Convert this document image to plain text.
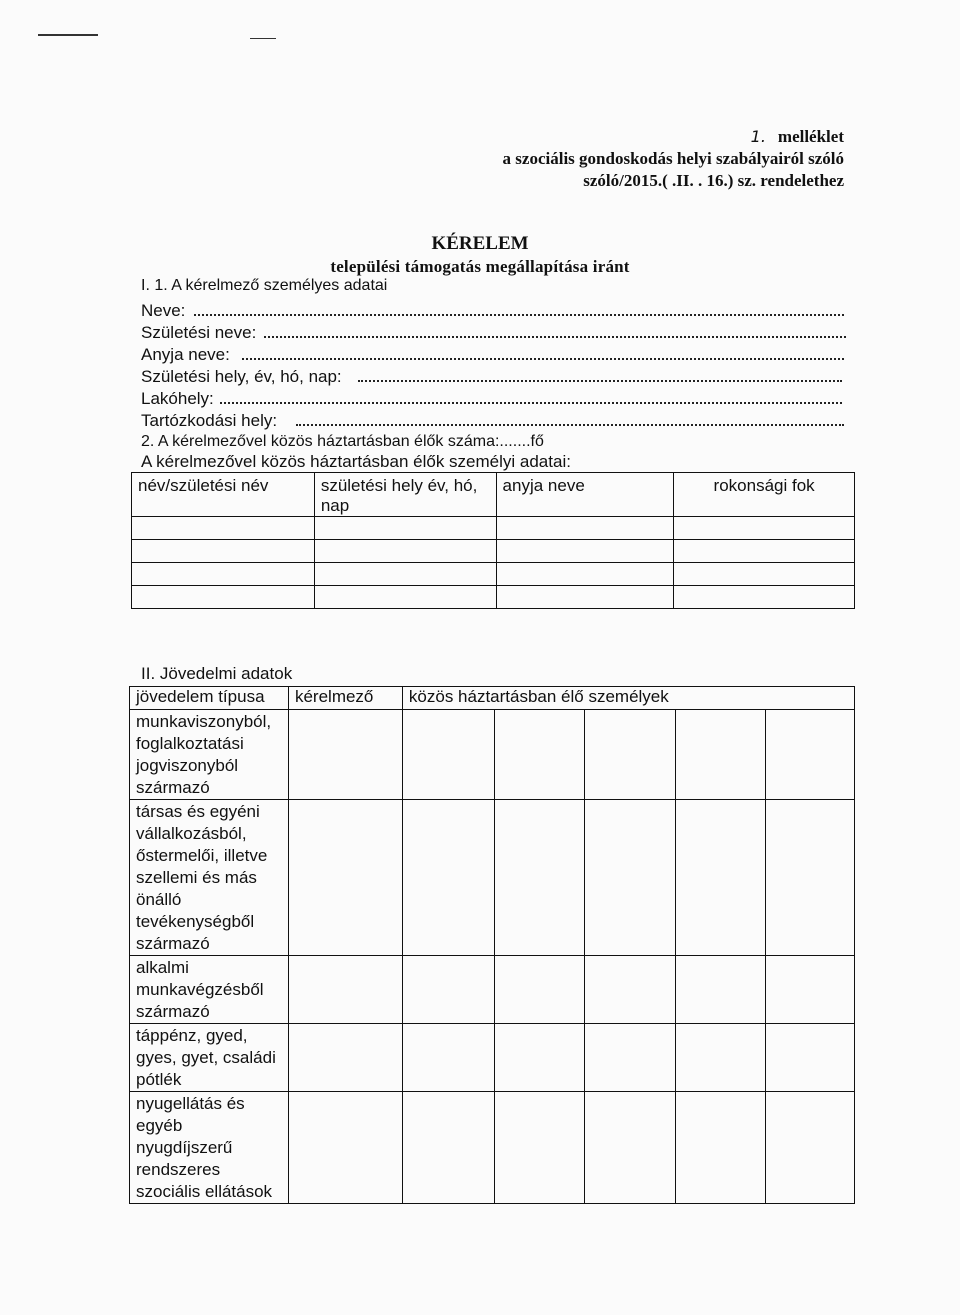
1. melléklet
a szociális gondoskodás helyi szabályairól szóló
szóló/2015.( .II. . 16.) sz. rendelethez
KÉRELEM
települési támogatás megállapítása iránt
I. 1. A kérelmező személyes adatai
Neve:
Születési neve:
Anyja neve:
Születési hely, év, hó, nap:
Lakóhely:
Tartózkodási hely:
2. A kérelmezővel közös háztartásban élők száma:.......fő
A kérelmezővel közös háztartásban élők személyi adatai:
név/születési név	születési hely év, hó, nap	anyja neve	rokonsági fok

II. Jövedelmi adatok
jövedelem típusa	kérelmező	közös háztartásban élő személyek				
munkaviszonyból, foglalkoztatási jogviszonyból származó						
társas és egyéni vállalkozásból, őstermelői, illetve szellemi és más önálló tevékenységből származó						
alkalmi munkavégzésből származó						
táppénz, gyed, gyes, gyet, családi pótlék						
nyugellátás és egyéb nyugdíjszerű rendszeres szociális ellátások						
